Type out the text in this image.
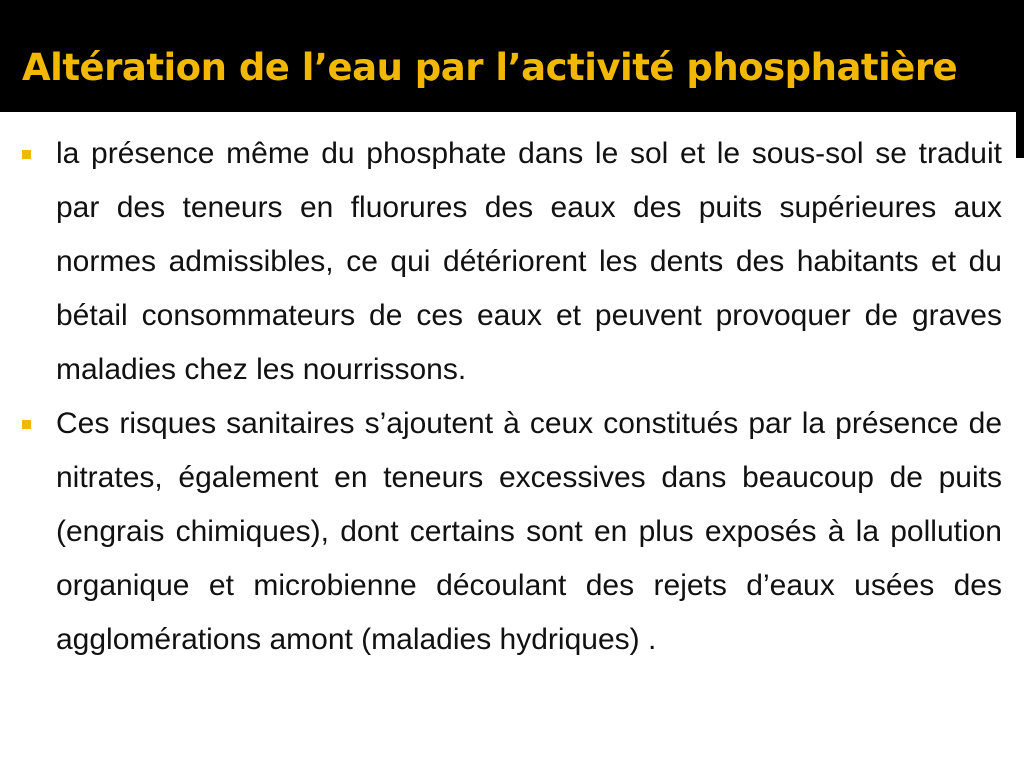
Altération de l’eau par l’activité phosphatière

la présence même du phosphate dans le sol et le sous-sol se traduit par des teneurs en fluorures des eaux des puits supérieures aux normes admissibles, ce qui détériorent les dents des habitants et du bétail consommateurs de ces eaux et peuvent provoquer de graves maladies chez les nourrissons.

Ces risques sanitaires s’ajoutent à ceux constitués par la présence de nitrates, également en teneurs excessives dans beaucoup de puits (engrais chimiques), dont certains sont en plus exposés à la pollution organique et microbienne découlant des rejets d’eaux usées des agglomérations amont (maladies hydriques) .
